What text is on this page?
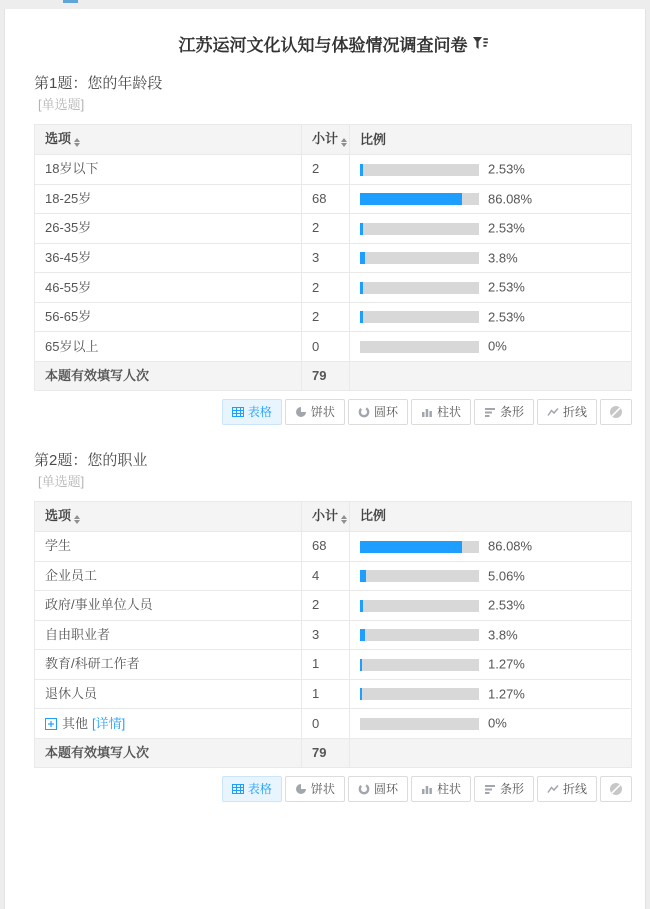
江苏运河文化认知与体验情况调查问卷
第1题：您的年龄段
[单选题]
选项	小计	比例
18岁以下	2	2.53%
18-25岁	68	86.08%
26-35岁	2	2.53%
36-45岁	3	3.8%
46-55岁	2	2.53%
56-65岁	2	2.53%
65岁以上	0	0%
本题有效填写人次	79	
表格	饼状	圆环	柱状	条形	折线
第2题：您的职业
[单选题]
选项	小计	比例
学生	68	86.08%
企业员工	4	5.06%
政府/事业单位人员	2	2.53%
自由职业者	3	3.8%
教育/科研工作者	1	1.27%
退休人员	1	1.27%

其他 [详情]	0	0%
本题有效填写人次	79	
表格	饼状	圆环	柱状	条形	折线
